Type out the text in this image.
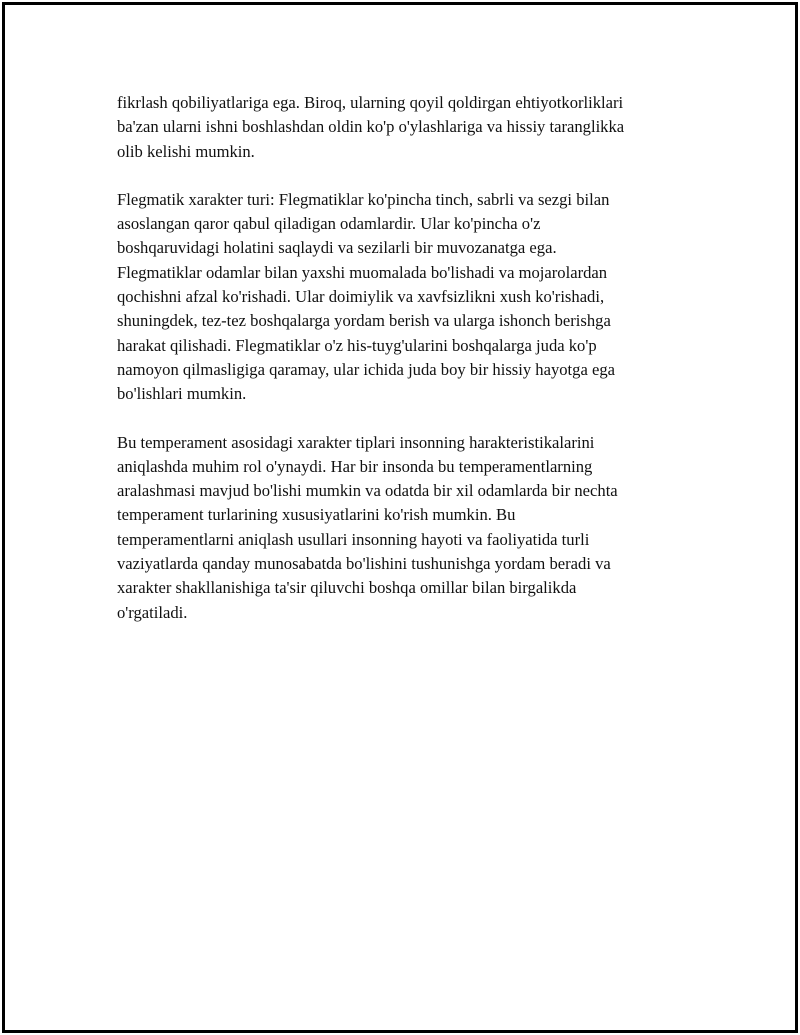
fikrlash qobiliyatlariga ega. Biroq, ularning qoyil qoldirgan ehtiyotkorliklari
ba'zan ularni ishni boshlashdan oldin ko'p o'ylashlariga va hissiy taranglikka
olib kelishi mumkin.

Flegmatik xarakter turi: Flegmatiklar ko'pincha tinch, sabrli va sezgi bilan
asoslangan qaror qabul qiladigan odamlardir. Ular ko'pincha o'z
boshqaruvidagi holatini saqlaydi va sezilarli bir muvozanatga ega.
Flegmatiklar odamlar bilan yaxshi muomalada bo'lishadi va mojarolardan
qochishni afzal ko'rishadi. Ular doimiylik va xavfsizlikni xush ko'rishadi,
shuningdek, tez-tez boshqalarga yordam berish va ularga ishonch berishga
harakat qilishadi. Flegmatiklar o'z his-tuyg'ularini boshqalarga juda ko'p
namoyon qilmasligiga qaramay, ular ichida juda boy bir hissiy hayotga ega
bo'lishlari mumkin.

Bu temperament asosidagi xarakter tiplari insonning harakteristikalarini
aniqlashda muhim rol o'ynaydi. Har bir insonda bu temperamentlarning
aralashmasi mavjud bo'lishi mumkin va odatda bir xil odamlarda bir nechta
temperament turlarining xususiyatlarini ko'rish mumkin. Bu
temperamentlarni aniqlash usullari insonning hayoti va faoliyatida turli
vaziyatlarda qanday munosabatda bo'lishini tushunishga yordam beradi va
xarakter shakllanishiga ta'sir qiluvchi boshqa omillar bilan birgalikda
o'rgatiladi.
